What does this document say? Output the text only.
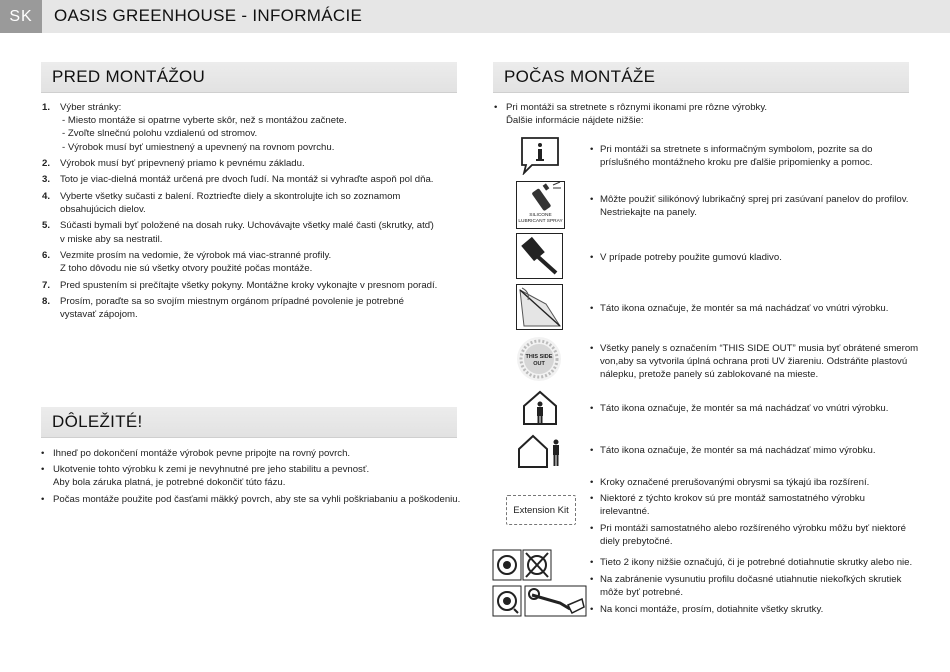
SK	OASIS GREENHOUSE - INFORMÁCIE
PRED MONTÁŽOU
1. Výber stránky:
- Miesto montáže si opatrne vyberte skôr, než s montážou začnete.
- Zvoľte slnečnú polohu vzdialenú od stromov.
- Výrobok musí byť umiestnený a upevnený na rovnom povrchu.
2. Výrobok musí byť pripevnený priamo k pevnému základu.
3. Toto je viac-dielná montáž určená pre dvoch ľudí. Na montáž si vyhraďte aspoň pol dňa.
4. Vyberte všetky sučasti z balení. Roztrieďte diely a skontrolujte ich so zoznamom
obsahujúcich dielov.
5. Súčasti bymali byť položené na dosah ruky. Uchovávajte všetky malé časti (skrutky, atď)
v miske aby sa nestratil.
6. Vezmite prosím na vedomie, že výrobok má viac-stranné profily.
Z toho dôvodu nie sú všetky otvory použité počas montáže.
7. Pred spustením si prečítajte všetky pokyny. Montážne kroky vykonajte v presnom poradí.
8. Prosím, poraďte sa so svojím miestnym orgánom prípadné povolenie je potrebné
vystavať zápojom.
DÔLEŽITÉ!
• Ihneď po dokončení montáže výrobok pevne pripojte na rovný povrch.
• Ukotvenie tohto výrobku k zemi je nevyhnutné pre jeho stabilitu a pevnosť.
Aby bola záruka platná, je potrebné dokončiť túto fázu.
• Počas montáže použite pod časťami mäkký povrch, aby ste sa vyhli poškriabaniu a poškodeniu.
POČAS MONTÁŽE
• Pri montáži sa stretnete s rôznymi ikonami pre rôzne výrobky.
Ďalšie informácie nájdete nižšie:
SILICONE LUBRICANT SPRAY
THIS SIDE
OUT
Extension Kit
• Pri montáži sa stretnete s informačným symbolom, pozrite sa do
príslušného montážneho kroku pre ďalšie pripomienky a pomoc.
• Môžte použiť silikónový lubrikačný sprej pri zasúvaní panelov do profilov.
Nestriekajte na panely.
• V prípade potreby použite gumovú kladivo.
• Táto ikona označuje, že montér sa má nachádzať vo vnútri výrobku.
• Všetky panely s označením “THIS SIDE OUT” musia byť obrátené smerom
von,aby sa vytvorila úplná ochrana proti UV žiareniu. Odstráňte plastovú
nálepku, pretože panely sú zablokované na mieste.
• Táto ikona označuje, že montér sa má nachádzať vo vnútri výrobku.
• Táto ikona označuje, že montér sa má nachádzať mimo výrobku.
• Kroky označené prerušovanými obrysmi sa týkajú iba rozšírení.
• Niektoré z týchto krokov sú pre montáž samostatného výrobku
irelevantné.
• Pri montáži samostatného alebo rozšíreného výrobku môžu byť niektoré
diely prebytočné.
• Tieto 2 ikony nižšie označujú, či je potrebné dotiahnutie skrutky alebo nie.
• Na zabránenie vysunutiu profilu dočasné utiahnutie niekoľkých skrutiek
môže byť potrebné.
• Na konci montáže, prosím, dotiahnite všetky skrutky.
